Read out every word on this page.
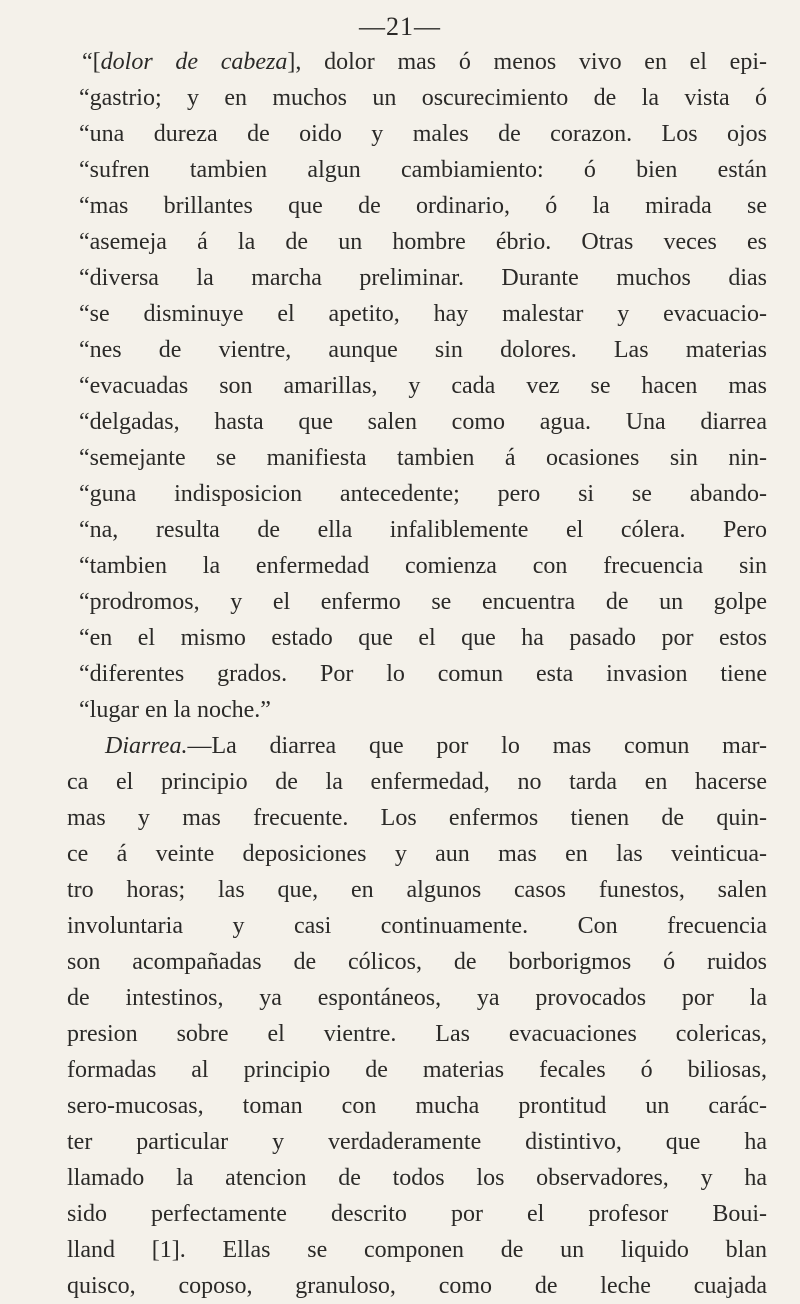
—21—
“[dolor de cabeza], dolor mas ó menos vivo en el epi-
“gastrio; y en muchos un oscurecimiento de la vista ó
“una dureza de oido y males de corazon. Los ojos
“sufren tambien algun cambiamiento: ó bien están
“mas brillantes que de ordinario, ó la mirada se
“asemeja á la de un hombre ébrio. Otras veces es
“diversa la marcha preliminar. Durante muchos dias
“se disminuye el apetito, hay malestar y evacuacio-
“nes de vientre, aunque sin dolores. Las materias
“evacuadas son amarillas, y cada vez se hacen mas
“delgadas, hasta que salen como agua. Una diarrea
“semejante se manifiesta tambien á ocasiones sin nin-
“guna indisposicion antecedente; pero si se abando-
“na, resulta de ella infaliblemente el cólera. Pero
“tambien la enfermedad comienza con frecuencia sin
“prodromos, y el enfermo se encuentra de un golpe
“en el mismo estado que el que ha pasado por estos
“diferentes grados. Por lo comun esta invasion tiene
“lugar en la noche.”
Diarrea.—La diarrea que por lo mas comun mar-
ca el principio de la enfermedad, no tarda en hacerse
mas y mas frecuente. Los enfermos tienen de quin-
ce á veinte deposiciones y aun mas en las veinticua-
tro horas; las que, en algunos casos funestos, salen
involuntaria y casi continuamente. Con frecuencia
son acompañadas de cólicos, de borborigmos ó ruidos
de intestinos, ya espontáneos, ya provocados por la
presion sobre el vientre. Las evacuaciones colericas,
formadas al principio de materias fecales ó biliosas,
sero-mucosas, toman con mucha prontitud un carác-
ter particular y verdaderamente distintivo, que ha
llamado la atencion de todos los observadores, y ha
sido perfectamente descrito por el profesor Boui-
lland [1]. Ellas se componen de un liquido blan
quisco, coposo, granuloso, como de leche cuajada
